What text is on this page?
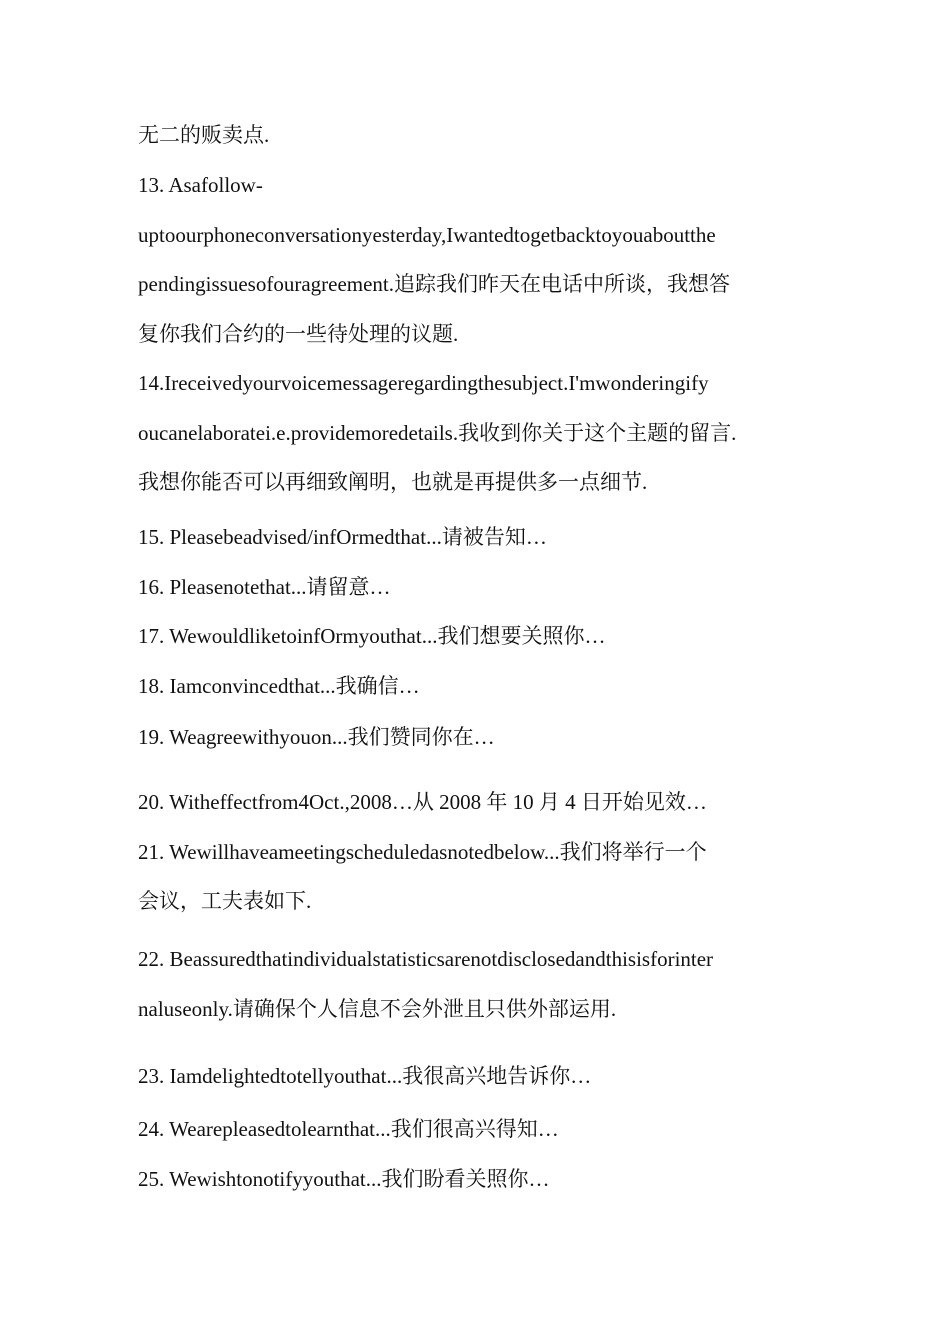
无二的贩卖点.

13. Asafollow-

uptoourphoneconversationyesterday,Iwantedtogetbacktoyouaboutthe

pendingissuesofouragreement.追踪我们昨天在电话中所谈，我想答

复你我们合约的一些待处理的议题.

14.Ireceivedyourvoicemessageregardingthesubject.I'mwonderingify

oucanelaboratei.e.providemoredetails.我收到你关于这个主题的留言.

我想你能否可以再细致阐明，也就是再提供多一点细节.

15. Pleasebeadvised/infOrmedthat...请被告知…

16. Pleasenotethat...请留意…

17. WewouldliketoinfOrmyouthat...我们想要关照你…

18. Iamconvincedthat...我确信…

19. Weagreewithyouon...我们赞同你在…

20. Witheffectfrom4Oct.,2008…从 2008 年 10 月 4 日开始见效…

21. Wewillhaveameetingscheduledasnotedbelow...我们将举行一个

会议，工夫表如下.

22. Beassuredthatindividualstatisticsarenotdisclosedandthisisforinter

naluseonly.请确保个人信息不会外泄且只供外部运用.

23. Iamdelightedtotellyouthat...我很高兴地告诉你…

24. Wearepleasedtolearnthat...我们很高兴得知…

25. Wewishtonotifyyouthat...我们盼看关照你…
